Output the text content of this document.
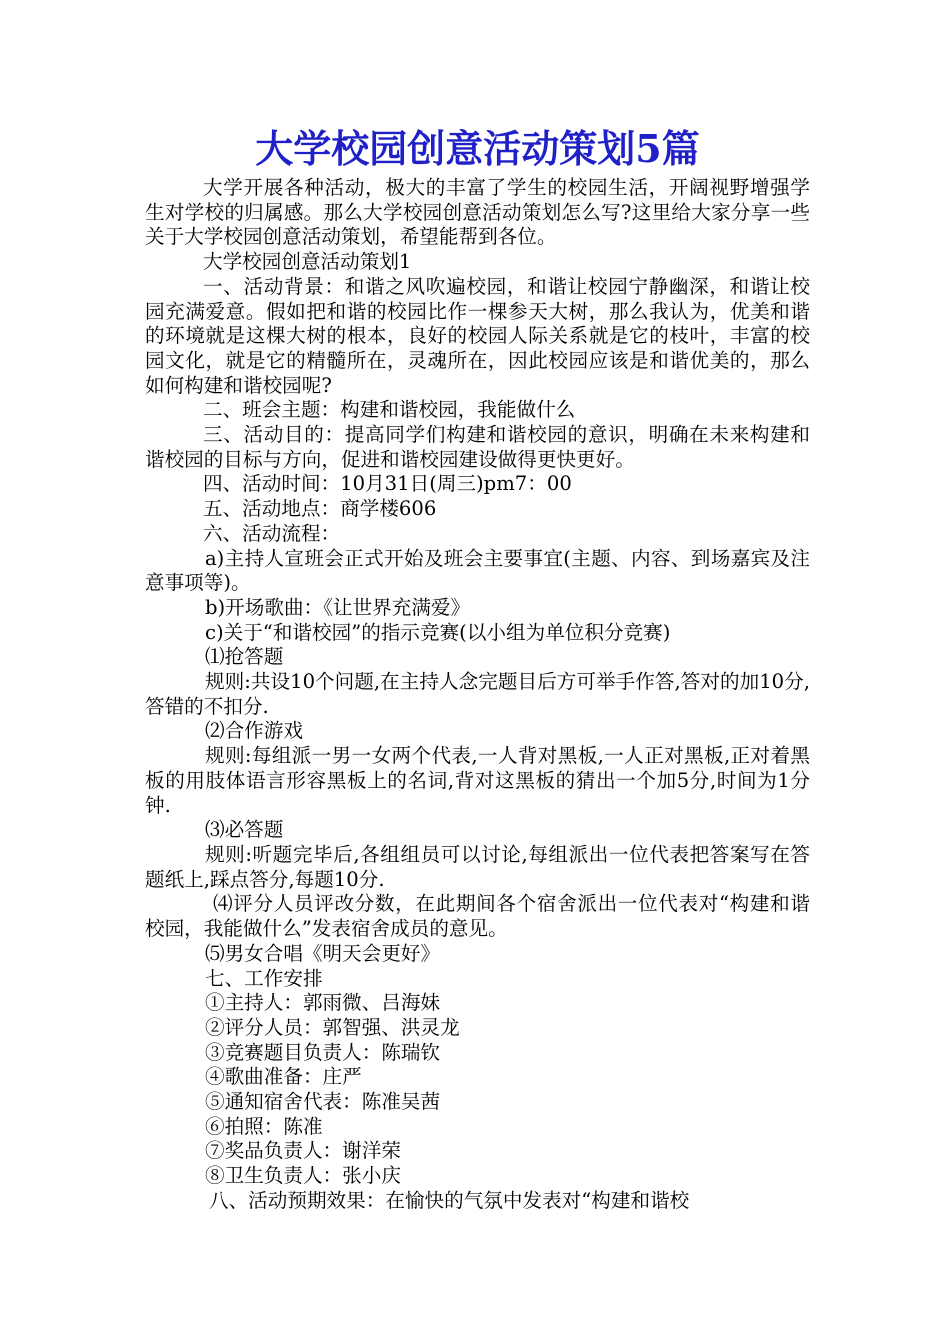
大学校园创意活动策划5篇

大学开展各种活动，极大的丰富了学生的校园生活，开阔视野增强学生对学校的归属感。那么大学校园创意活动策划怎么写?这里给大家分享一些关于大学校园创意活动策划，希望能帮到各位。

大学校园创意活动策划1

一、活动背景：和谐之风吹遍校园，和谐让校园宁静幽深，和谐让校园充满爱意。假如把和谐的校园比作一棵参天大树，那么我认为，优美和谐的环境就是这棵大树的根本，良好的校园人际关系就是它的枝叶，丰富的校园文化，就是它的精髓所在，灵魂所在，因此校园应该是和谐优美的，那么如何构建和谐校园呢?

二、班会主题：构建和谐校园，我能做什么

三、活动目的：提高同学们构建和谐校园的意识，明确在未来构建和谐校园的目标与方向，促进和谐校园建设做得更快更好。

四、活动时间：10月31日(周三)pm7：00

五、活动地点：商学楼606

六、活动流程：

a)主持人宣班会正式开始及班会主要事宜(主题、内容、到场嘉宾及注意事项等)。

b)开场歌曲：《让世界充满爱》

c)关于“和谐校园”的指示竞赛(以小组为单位积分竞赛)

⑴抢答题

规则:共设10个问题,在主持人念完题目后方可举手作答,答对的加10分,答错的不扣分.

⑵合作游戏

规则:每组派一男一女两个代表,一人背对黑板,一人正对黑板,正对着黑板的用肢体语言形容黑板上的名词,背对这黑板的猜出一个加5分,时间为1分钟.

⑶必答题

规则:听题完毕后,各组组员可以讨论,每组派出一位代表把答案写在答题纸上,踩点答分,每题10分.

⑷评分人员评改分数，在此期间各个宿舍派出一位代表对“构建和谐校园，我能做什么”发表宿舍成员的意见。

⑸男女合唱《明天会更好》

七、工作安排

①主持人：郭雨微、吕海妹

②评分人员：郭智强、洪灵龙

③竞赛题目负责人：陈瑞钦

④歌曲准备：庄严

⑤通知宿舍代表：陈准吴茜

⑥拍照：陈准

⑦奖品负责人：谢洋荣

⑧卫生负责人：张小庆

八、活动预期效果：在愉快的气氛中发表对“构建和谐校
